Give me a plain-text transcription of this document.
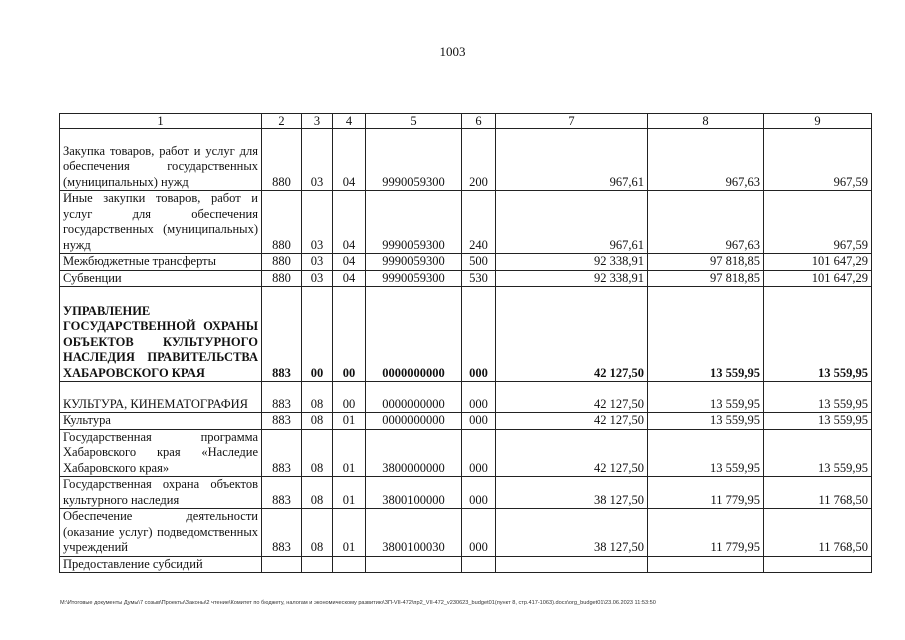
1003
1	2	3	4	5	6	7	8	9
Закупка товаров, работ и услуг для обеспечения государственных (муниципальных) нужд	880	03	04	9990059300	200	967,61	967,63	967,59
Иные закупки товаров, работ и услуг для обеспечения государственных (муниципальных) нужд	880	03	04	9990059300	240	967,61	967,63	967,59
Межбюджетные трансферты	880	03	04	9990059300	500	92 338,91	97 818,85	101 647,29
Субвенции	880	03	04	9990059300	530	92 338,91	97 818,85	101 647,29
УПРАВЛЕНИЕ ГОСУДАРСТВЕННОЙ ОХРАНЫ ОБЪЕКТОВ КУЛЬТУРНОГО НАСЛЕДИЯ ПРАВИТЕЛЬСТВА ХАБАРОВСКОГО КРАЯ	883	00	00	0000000000	000	42 127,50	13 559,95	13 559,95
КУЛЬТУРА, КИНЕМАТОГРАФИЯ	883	08	00	0000000000	000	42 127,50	13 559,95	13 559,95
Культура	883	08	01	0000000000	000	42 127,50	13 559,95	13 559,95
Государственная программа Хабаровского края «Наследие Хабаровского края»	883	08	01	3800000000	000	42 127,50	13 559,95	13 559,95
Государственная охрана объектов культурного наследия	883	08	01	3800100000	000	38 127,50	11 779,95	11 768,50
Обеспечение деятельности (оказание услуг) подведомственных учреждений	883	08	01	3800100030	000	38 127,50	11 779,95	11 768,50
Предоставление субсидий								
M:\Итоговые документы Думы\7 созыв\Проекты\Законы\2 чтение\Комитет по бюджету, налогам и экономическому развитию\ЗП-VII-472\пр2_VII-472_v230623_budget01(пункт 8, стр.417-1063).docx\org_budget01\23.06.2023 11:53:50
